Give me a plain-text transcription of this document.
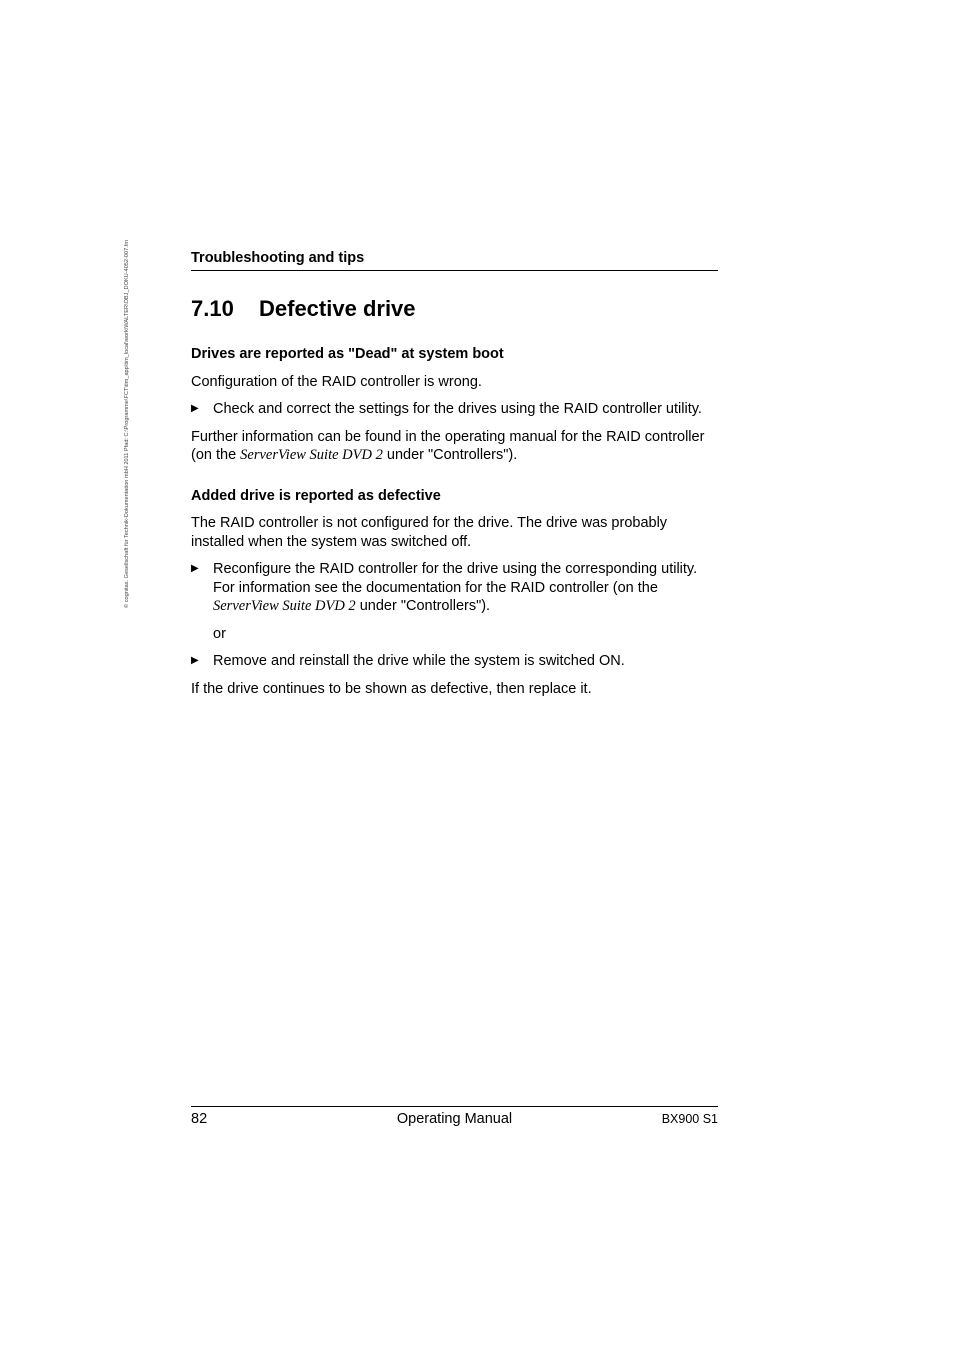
© cognitas. Gesellschaft für Technik-Dokumentation mbH 2011 Pfad: C:\Programme\FCT\tim_app\tim_local\work\WALTER\OBJ_DOKU-4052-007.fm	Troubleshooting and tips
7.10 Defective drive

Drives are reported as "Dead" at system boot

Configuration of the RAID controller is wrong.

▶ Check and correct the settings for the drives using the RAID controller utility.

Further information can be found in the operating manual for the RAID controller (on the ServerView Suite DVD 2 under "Controllers").

Added drive is reported as defective

The RAID controller is not configured for the drive. The drive was probably installed when the system was switched off.

▶ Reconfigure the RAID controller for the drive using the corresponding utility. For information see the documentation for the RAID controller (on the ServerView Suite DVD 2 under "Controllers").

or

▶ Remove and reinstall the drive while the system is switched ON.

If the drive continues to be shown as defective, then replace it.

82	Operating Manual	BX900 S1
